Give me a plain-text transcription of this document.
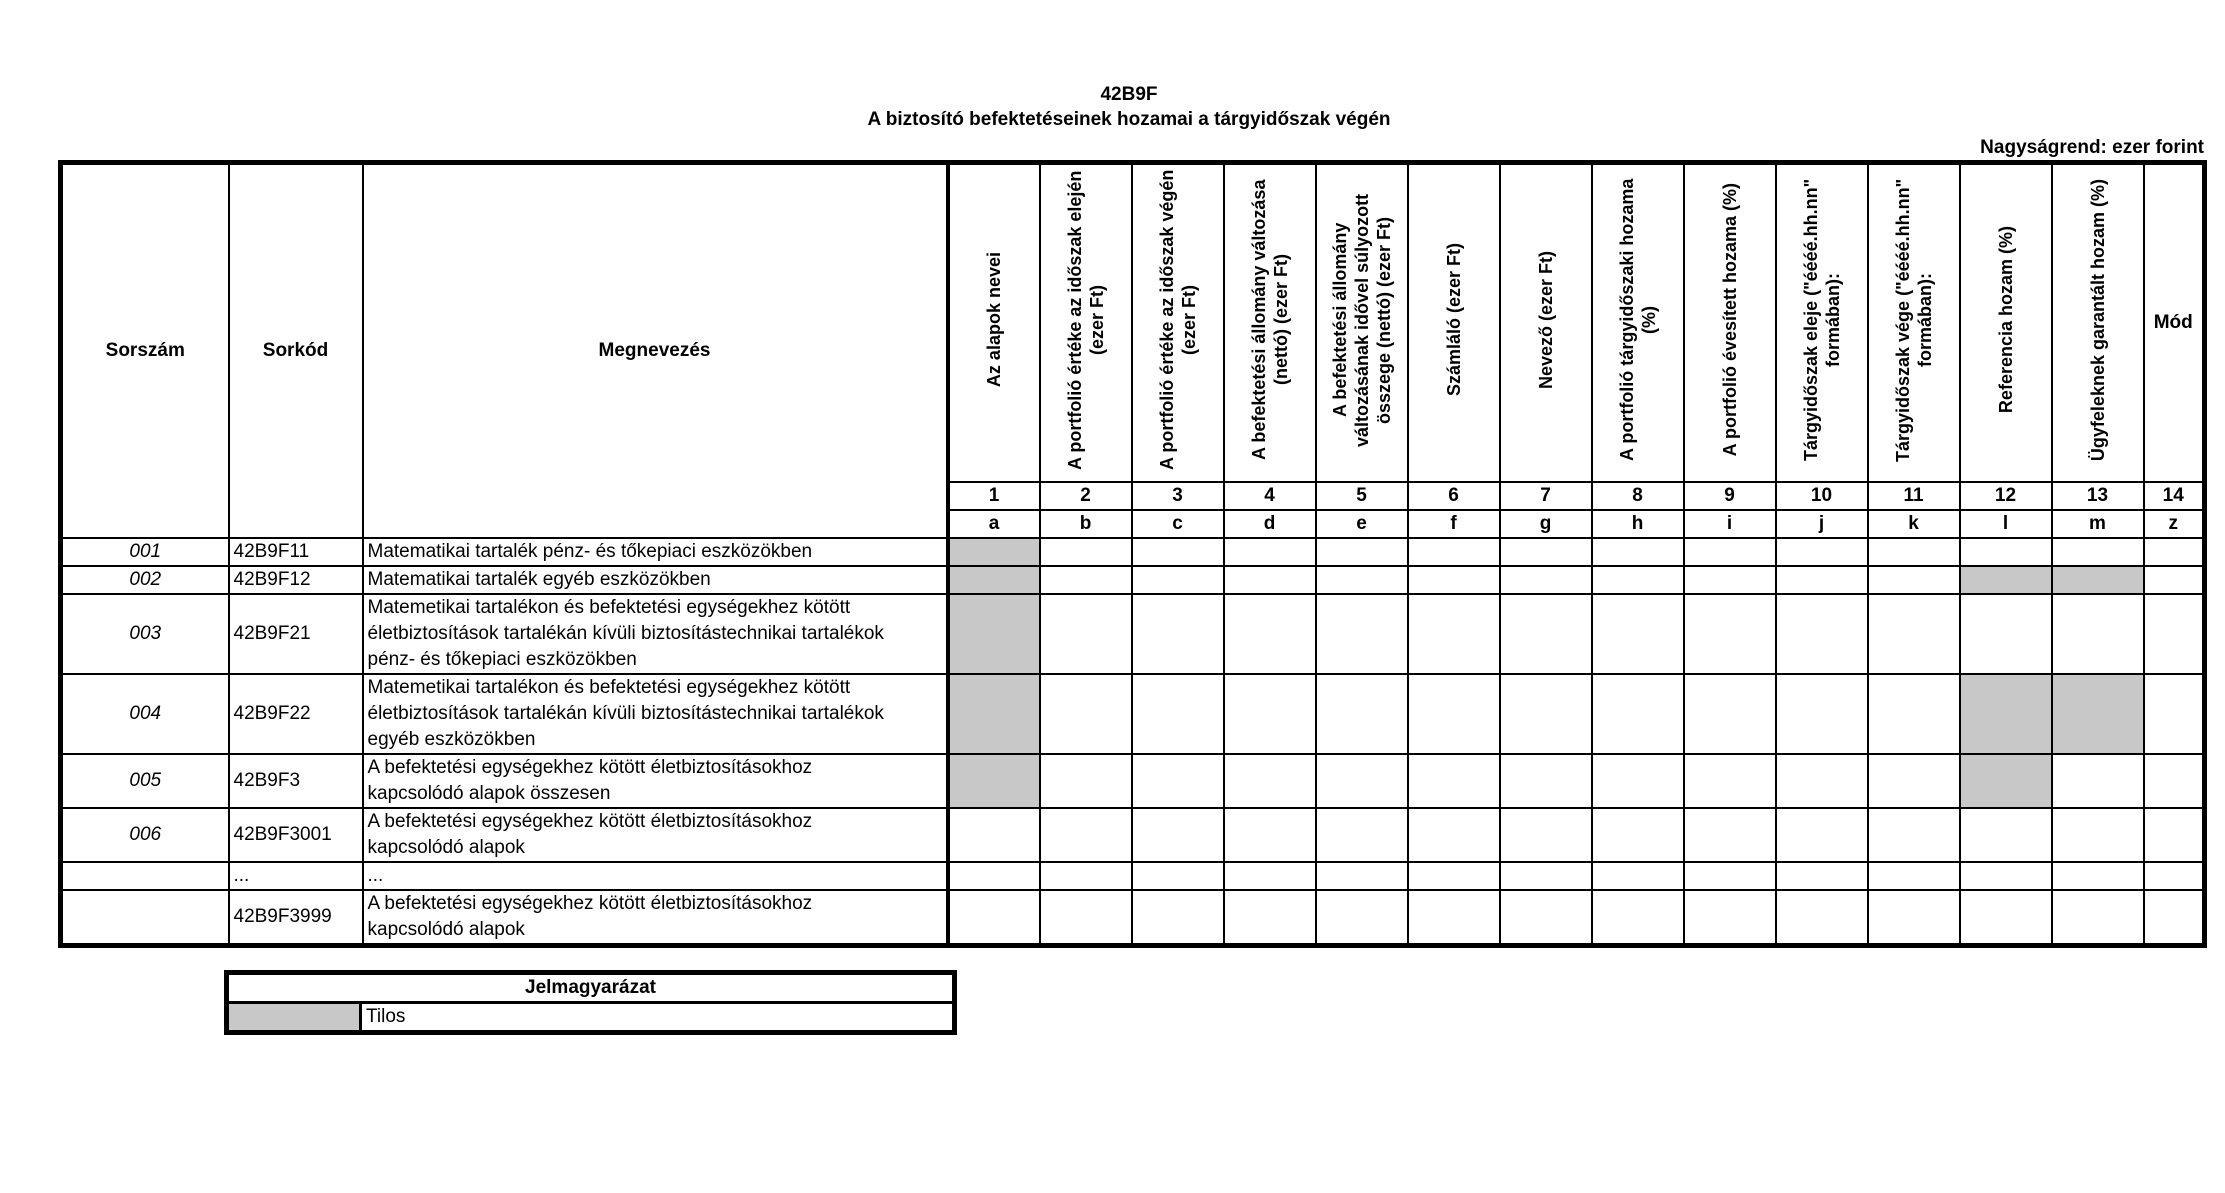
42B9F
A biztosító befektetéseinek hozamai a tárgyidőszak végén
Nagyságrend: ezer forint
Sorszám	Sorkód	Megnevezés	Az alapok nevei	A portfolió értéke az időszak elején (ezer Ft)	A portfolió értéke az időszak végén (ezer Ft)	A befektetési állomány változása (nettó) (ezer Ft)	A befektetési állomány változásának idővel súlyozott összege (nettó) (ezer Ft)	Számláló (ezer Ft)	Nevező (ezer Ft)	A portfolió tárgyidőszaki hozama (%)	A portfolió évesített hozama (%)	Tárgyidőszak eleje ("éééé.hh.nn" formában):	Tárgyidőszak vége ("éééé.hh.nn" formában):	Referencia hozam (%)	Ügyfeleknek garantált hozam (%)	Mód
			1	2	3	4	5	6	7	8	9	10	11	12	13	14
			a	b	c	d	e	f	g	h	i	j	k	l	m	z
001	42B9F11	Matematikai tartalék pénz- és tőkepiaci eszközökben														

002	42B9F12	Matematikai tartalék egyéb eszközökben														

003	42B9F21	Matemetikai tartalékon és befektetési egységekhez kötött
életbiztosítások tartalékán kívüli biztosítástechnikai tartalékok
pénz- és tőkepiaci eszközökben														

004	42B9F22	Matemetikai tartalékon és befektetési egységekhez kötött
életbiztosítások tartalékán kívüli biztosítástechnikai tartalékok
egyéb eszközökben														

005	42B9F3	A befektetési egységekhez kötött életbiztosításokhoz
kapcsolódó alapok összesen														

006	42B9F3001	A befektetési egységekhez kötött életbiztosításokhoz
kapcsolódó alapok														

	...	...														

	42B9F3999	A befektetési egységekhez kötött életbiztosításokhoz
kapcsolódó alapok														

Jelmagyarázat
	Tilos
